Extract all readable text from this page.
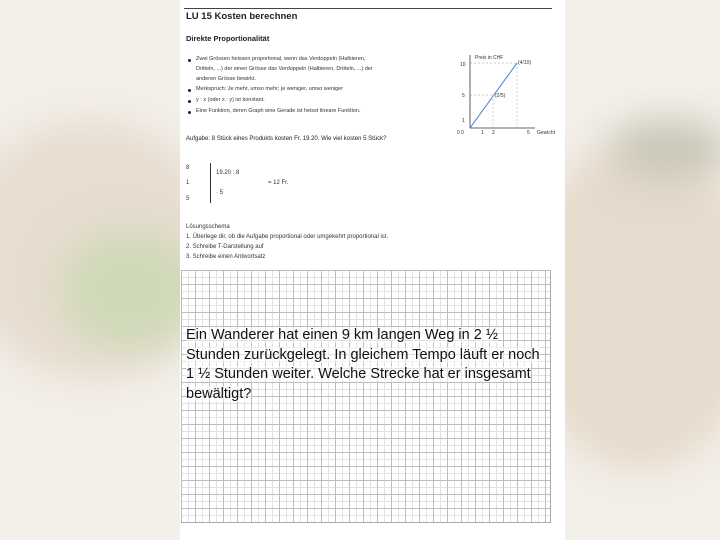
LU 15 Kosten berechnen
Direkte Proportionalität
Zwei Grössen heissen proportional, wenn das Verdoppeln (Halbieren,
Dritteln, ...) der einen Grösse das Verdoppeln (Halbieren, Dritteln, ...) der
anderen Grösse bewirkt.
Merkspruch: Je mehr, umso mehr; je weniger, umso weniger
y : x (oder x : y) ist konstant.
Eine Funktion, deren Graph eine Gerade ist heisst lineare Funktion.
Preis in CHF
Gewicht
10
5
1
0 0	1 2	5
(4/10)
(2/5)
Aufgabe: 8 Stück eines Produkts kosten Fr. 19.20. Wie viel kosten 5 Stück?
8
1
5
19.20 : 8
· 5
= 12 Fr.
Lösungsschema
1. Überlege dir, ob die Aufgabe proportional oder umgekehrt proportional ist.
2. Schreibe T-Darstellung auf
3. Schreibe einen Antwortsatz
Ein Wanderer hat einen 9 km langen Weg in 2 ½ Stunden zurückgelegt. In gleichem Tempo läuft er noch 1 ½ Stunden weiter. Welche Strecke hat er insgesamt bewältigt?
